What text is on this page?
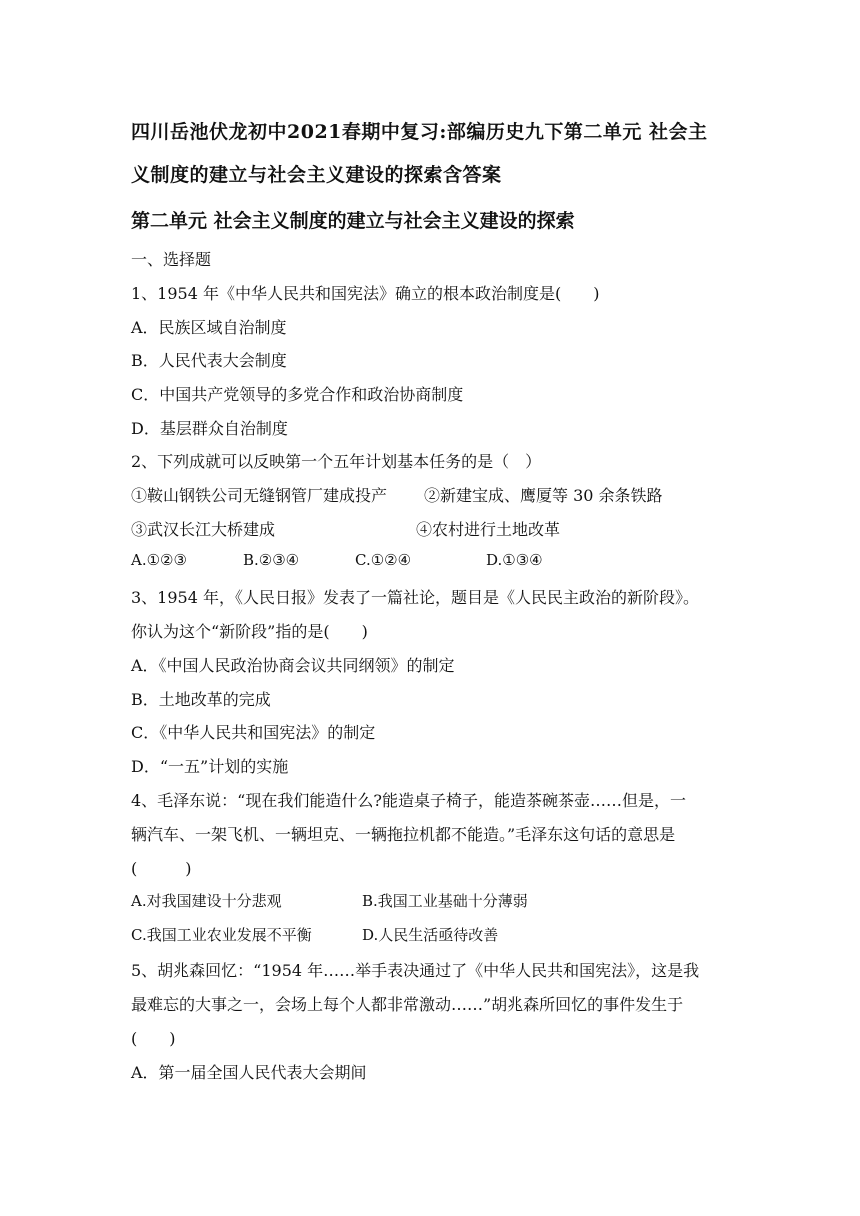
四川岳池伏龙初中2021春期中复习:部编历史九下第二单元 社会主
义制度的建立与社会主义建设的探索含答案
第二单元 社会主义制度的建立与社会主义建设的探索
一、选择题
1、1954 年《中华人民共和国宪法》确立的根本政治制度是(　　)
A．民族区域自治制度
B．人民代表大会制度
C．中国共产党领导的多党合作和政治协商制度
D．基层群众自治制度
2、下列成就可以反映第一个五年计划基本任务的是（　）
①鞍山钢铁公司无缝钢管厂建成投产 ②新建宝成、鹰厦等 30 余条铁路
③武汉长江大桥建成	④农村进行土地改革
A.①②③	B.②③④	C.①②④	D.①③④
3、1954 年，《人民日报》发表了一篇社论，题目是《人民民主政治的新阶段》。
你认为这个“新阶段”指的是(　　)
A．《中国人民政治协商会议共同纲领》的制定
B．土地改革的完成
C．《中华人民共和国宪法》的制定
D．“一五”计划的实施
4、毛泽东说：“现在我们能造什么?能造桌子椅子，能造茶碗茶壶……但是，一
辆汽车、一架飞机、一辆坦克、一辆拖拉机都不能造。”毛泽东这句话的意思是
(　　　)
A.对我国建设十分悲观	B.我国工业基础十分薄弱
C.我国工业农业发展不平衡	D.人民生活亟待改善
5、胡兆森回忆：“1954 年……举手表决通过了《中华人民共和国宪法》，这是我
最难忘的大事之一，会场上每个人都非常激动……”胡兆森所回忆的事件发生于
(　　)
A．第一届全国人民代表大会期间
